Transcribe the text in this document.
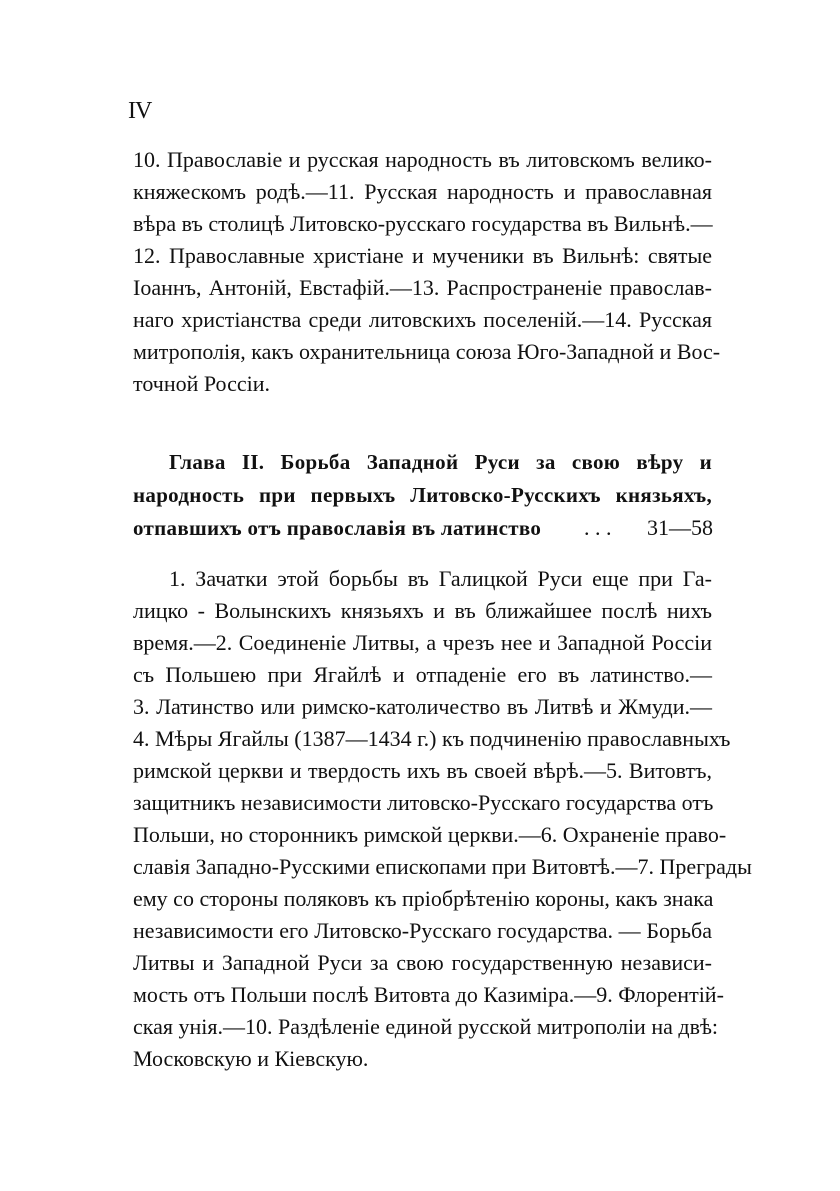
IV
10. Православіе и русская народность въ литовскомъ велико-
княжескомъ родѣ.—11. Русская народность и православная
вѣра въ столицѣ Литовско-русскаго государства въ Вильнѣ.—
12. Православные христіане и мученики въ Вильнѣ: святые
Іоаннъ, Антоній, Евстафій.—13. Распространеніе православ-
наго христіанства среди литовскихъ поселеній.—14. Русская
митрополія, какъ охранительница союза Юго-Западной и Вос-
точной Россіи.
Глава II. Борьба Западной Руси за свою вѣру и
народность при первыхъ Литовско-Русскихъ князьяхъ,
отпавшихъ отъ православія въ латинство . . . 31—58
1. Зачатки этой борьбы въ Галицкой Руси еще при Га-
лицко - Волынскихъ князьяхъ и въ ближайшее послѣ нихъ
время.—2. Соединеніе Литвы, а чрезъ нее и Западной Россіи
съ Польшею при Ягайлѣ и отпаденіе его въ латинство.—
3. Латинство или римско-католичество въ Литвѣ и Жмуди.—
4. Мѣры Ягайлы (1387—1434 г.) къ подчиненію православныхъ
римской церкви и твердость ихъ въ своей вѣрѣ.—5. Витовтъ,
защитникъ независимости литовско-Русскаго государства отъ
Польши, но сторонникъ римской церкви.—6. Охраненіе право-
славія Западно-Русскими епископами при Витовтѣ.—7. Преграды
ему со стороны поляковъ къ пріобрѣтенію короны, какъ знака
независимости его Литовско-Русскаго государства. — Борьба
Литвы и Западной Руси за свою государственную независи-
мость отъ Польши послѣ Витовта до Казиміра.—9. Флорентій-
ская унія.—10. Раздѣленіе единой русской митрополіи на двѣ:
Московскую и Кіевскую.
